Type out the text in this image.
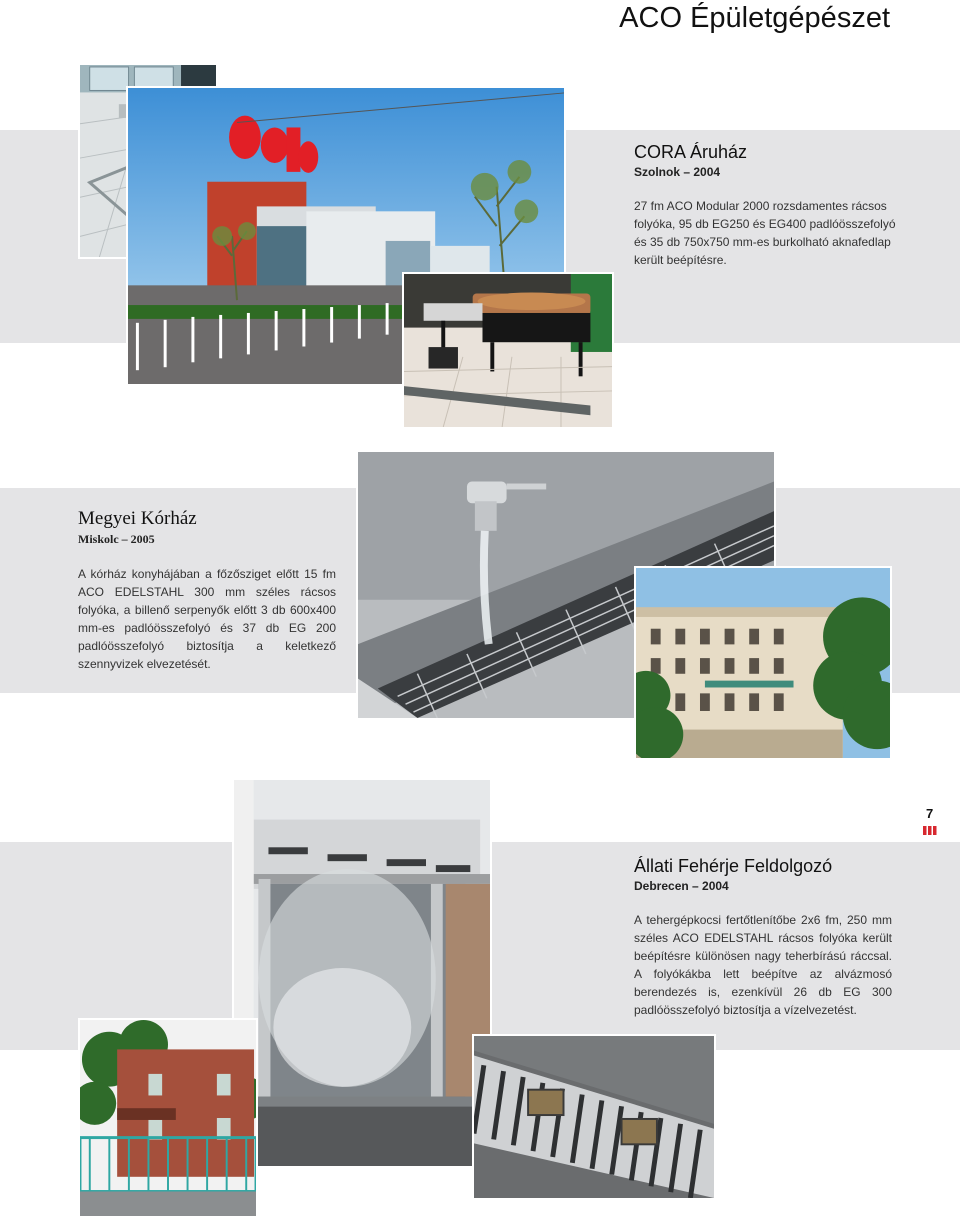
ACO Épületgépészet
CORA Áruház

Szolnok – 2004

27 fm ACO Modular 2000 rozsdamentes rácsos folyóka, 95 db EG250 és EG400 padlóösszefolyó és 35 db 750x750 mm-es burkolható aknafedlap került beépítésre.

Megyei Kórház

Miskolc – 2005

A kórház konyhájában a főzősziget előtt 15 fm ACO EDELSTAHL 300 mm széles rácsos folyóka, a billenő serpenyők előtt 3 db 600x400 mm-es padlóösszefolyó és 37 db EG 200 padlóösszefolyó biztosítja a keletkező szennyvizek elvezetését.

7
Állati Fehérje Feldolgozó

Debrecen – 2004

A tehergépkocsi fertőtlenítőbe 2x6 fm, 250 mm széles ACO EDELSTAHL rácsos folyóka került beépítésre különösen nagy teherbírású ráccsal. A folyókákba lett beépítve az alvázmosó berendezés is, ezenkívül 26 db EG 300 padlóösszefolyó biztosítja a vízelvezetést.
